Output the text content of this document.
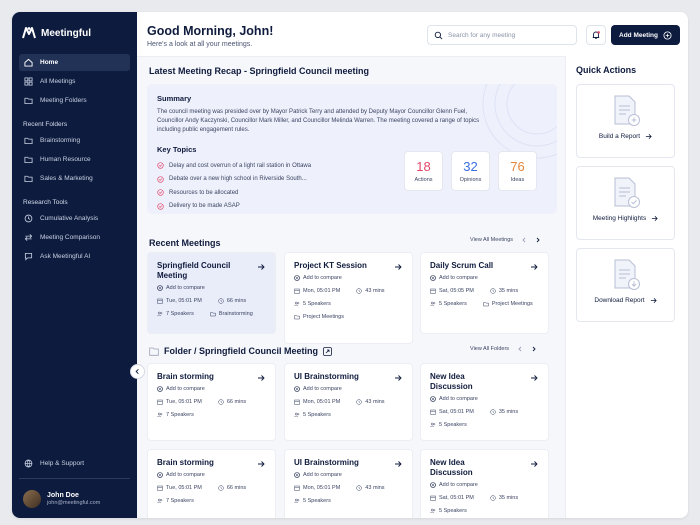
Meetingful
Home
All Meetings
Meeting Folders
Recent Folders
Brainstorming
Human Resource
Sales & Marketing
Research Tools
Cumulative Analysis
Meeting Comparison
Ask Meetingful AI
Help & Support
John Doe
john@meetingful.com
Good Morning, John!
Here's a look at all your meetings.
Search for any meeting	Add Meeting
Latest Meeting Recap - Springfield Council meeting
Summary
The council meeting was presided over by Mayor Patrick Terry and attended by Deputy Mayor Councillor Glenn Fuel, Councillor Andy Kaczynski, Councillor Mark Miller, and Councillor Melinda Warren. The meeting covered a range of topics including public engagement rules.
Key Topics
Delay and cost overrun of a light rail station in Ottawa
Debate over a new high school in Riverside South...
Resources to be allocated
Delivery to be made ASAP
18
Actions
32
Opinions
76
Ideas
Recent Meetings	View All Meetings
Springfield Council Meeting
Add to compare
Tue, 05:01 PM	66 mins
7 Speakers	Brainstorming
Project KT Session
Add to compare
Mon, 05:01 PM	43 mins
5 Speakers
Project Meetings
Daily Scrum Call
Add to compare
Sat, 05:05 PM	35 mins
5 Speakers	Project Meetings
Folder / Springfield Council Meeting	View All Folders
Brain storming
Add to compare
Tue, 05:01 PM	66 mins
7 Speakers
UI Brainstorming
Add to compare
Mon, 05:01 PM	43 mins
5 Speakers
New Idea Discussion
Add to compare
Sat, 05:01 PM	35 mins
5 Speakers
Brain storming
Add to compare
Tue, 05:01 PM	66 mins
7 Speakers
UI Brainstorming
Add to compare
Mon, 05:01 PM	43 mins
5 Speakers
New Idea Discussion
Add to compare
Sat, 05:01 PM	35 mins
5 Speakers
Quick Actions
Build a Report
Meeting Highlights
Download Report
